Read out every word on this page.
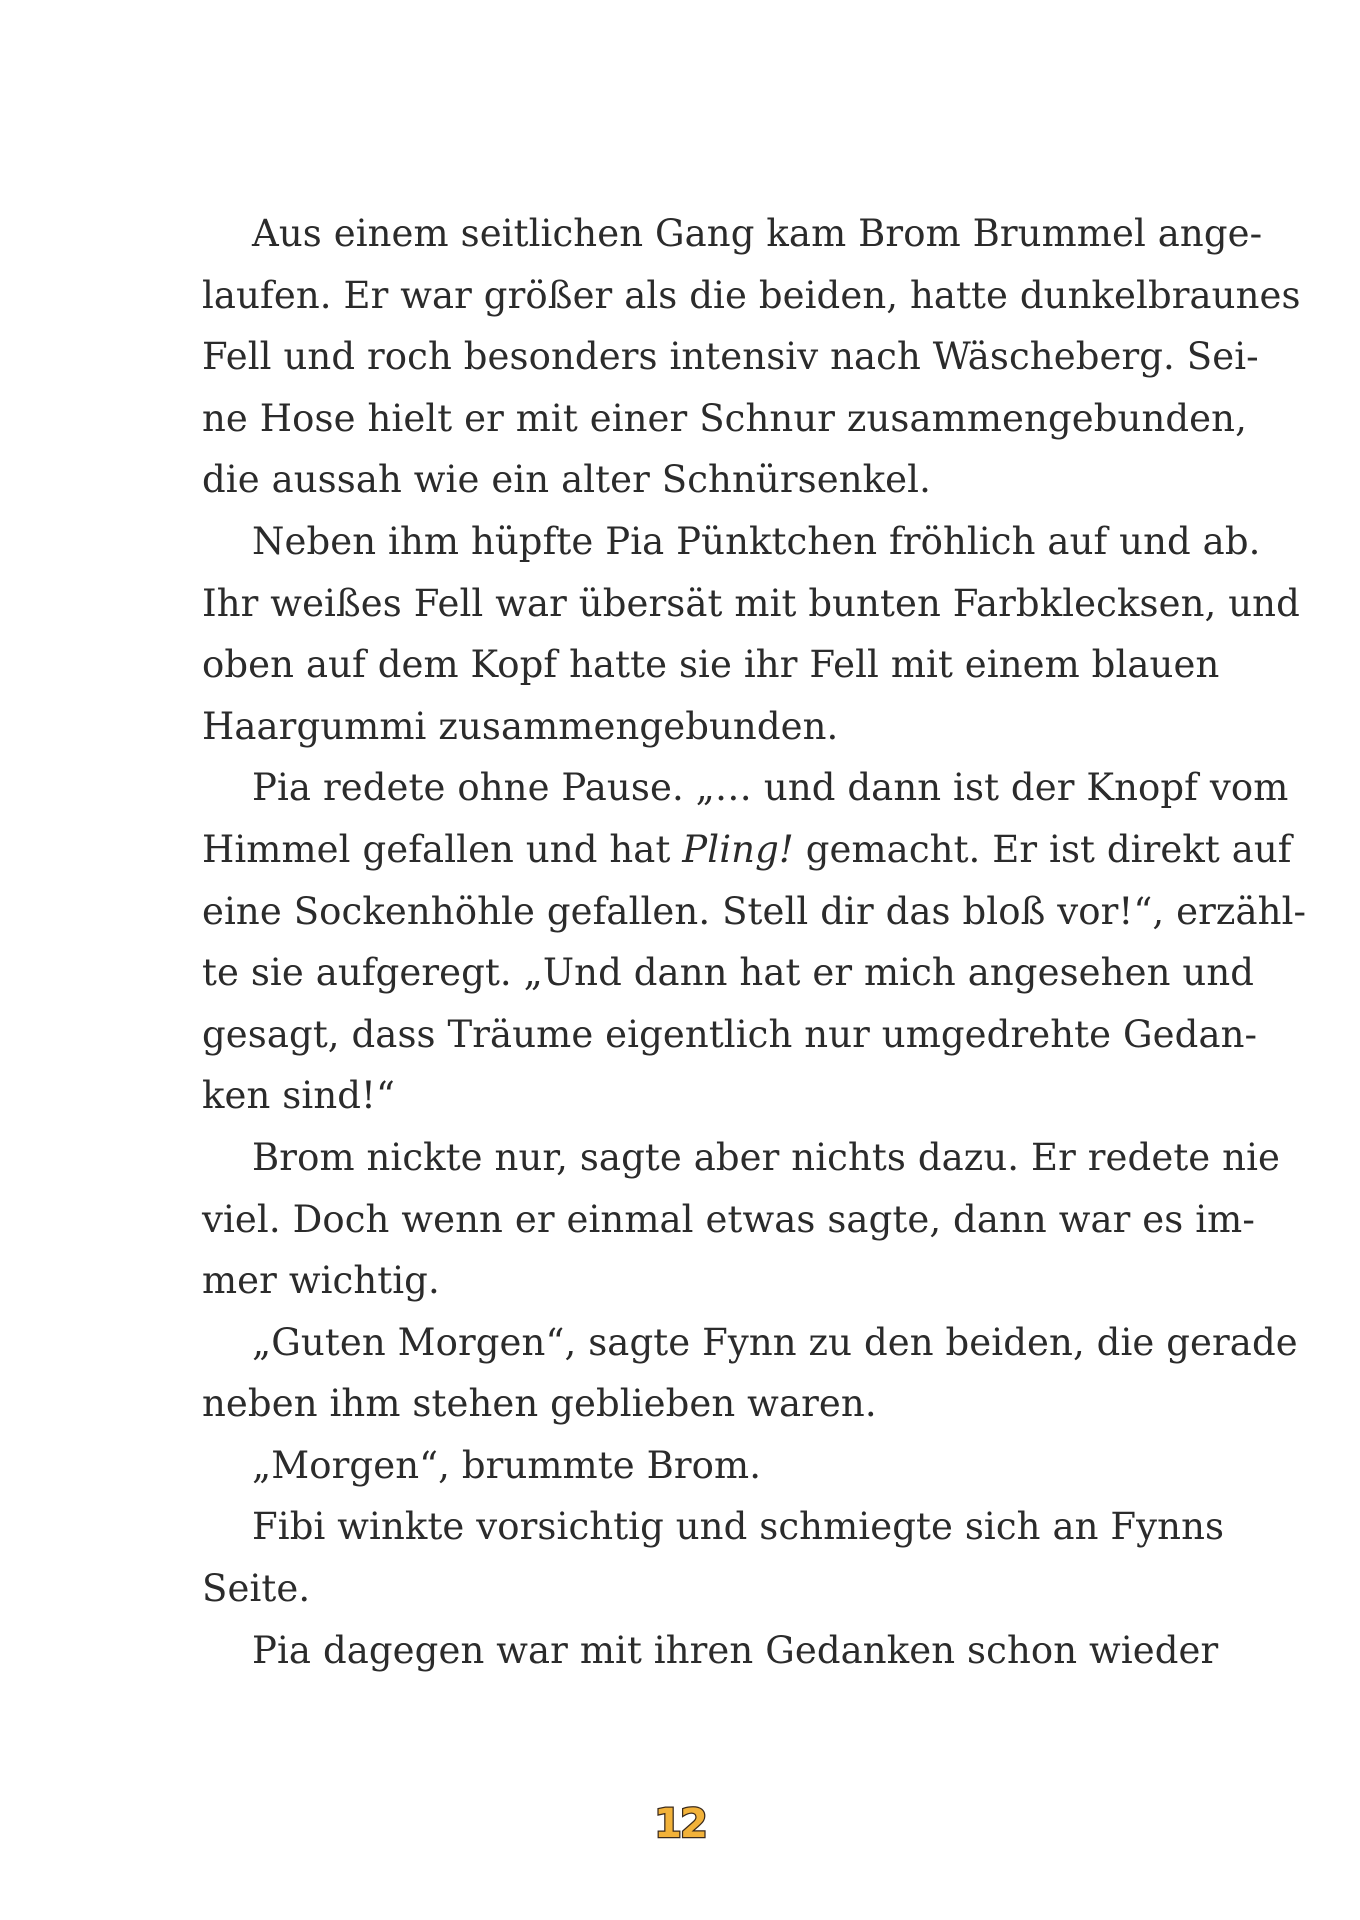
Aus einem seitlichen Gang kam Brom Brummel ange-
laufen. Er war größer als die beiden, hatte dunkelbraunes
Fell und roch besonders intensiv nach Wäscheberg. Sei-
ne Hose hielt er mit einer Schnur zusammengebunden,
die aussah wie ein alter Schnürsenkel.
Neben ihm hüpfte Pia Pünktchen fröhlich auf und ab.
Ihr weißes Fell war übersät mit bunten Farbklecksen, und
oben auf dem Kopf hatte sie ihr Fell mit einem blauen
Haargummi zusammengebunden.
Pia redete ohne Pause. „… und dann ist der Knopf vom
Himmel gefallen und hat Pling! gemacht. Er ist direkt auf
eine Sockenhöhle gefallen. Stell dir das bloß vor!“, erzähl-
te sie aufgeregt. „Und dann hat er mich angesehen und
gesagt, dass Träume eigentlich nur umgedrehte Gedan-
ken sind!“
Brom nickte nur, sagte aber nichts dazu. Er redete nie
viel. Doch wenn er einmal etwas sagte, dann war es im-
mer wichtig.
„Guten Morgen“, sagte Fynn zu den beiden, die gerade
neben ihm stehen geblieben waren.
„Morgen“, brummte Brom.
Fibi winkte vorsichtig und schmiegte sich an Fynns
Seite.
Pia dagegen war mit ihren Gedanken schon wieder
12
